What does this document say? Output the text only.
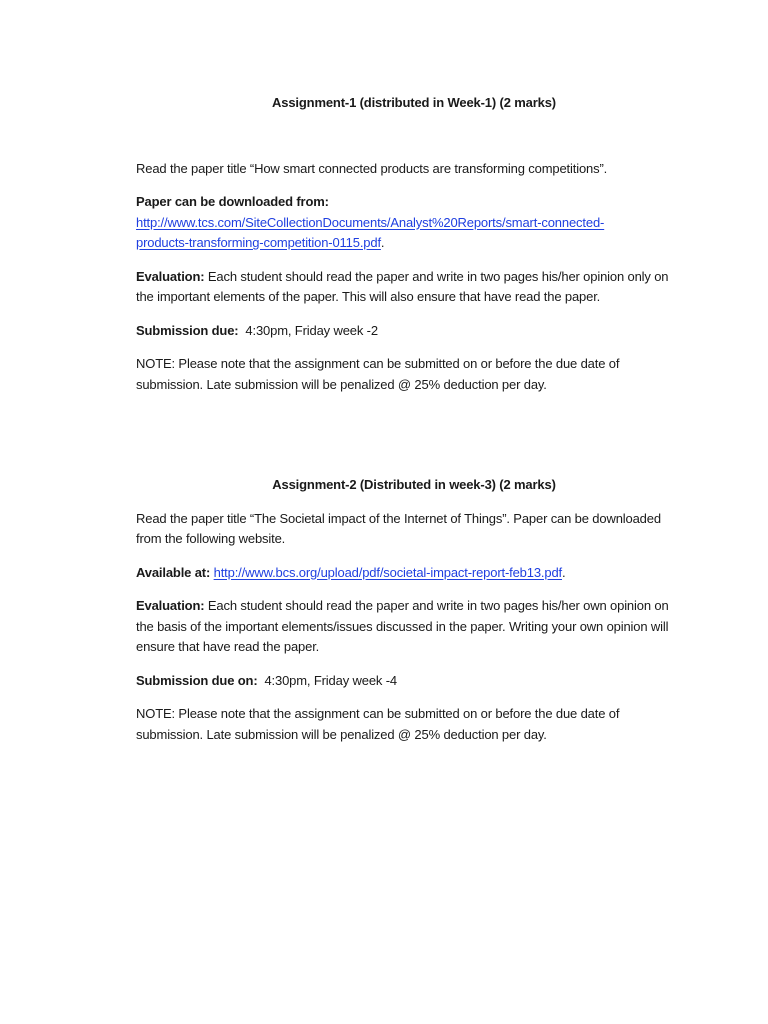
Assignment-1 (distributed in Week-1) (2 marks)

Read the paper title “How smart connected products are transforming competitions”.

Paper can be downloaded from:
http://www.tcs.com/SiteCollectionDocuments/Analyst%20Reports/smart-connected-
products-transforming-competition-0115.pdf.

Evaluation: Each student should read the paper and write in two pages his/her opinion only on the important elements of the paper. This will also ensure that have read the paper.

Submission due:  4:30pm, Friday week -2

NOTE: Please note that the assignment can be submitted on or before the due date of submission. Late submission will be penalized @ 25% deduction per day.

Assignment-2 (Distributed in week-3) (2 marks)

Read the paper title “The Societal impact of the Internet of Things”. Paper can be downloaded from the following website.

Available at: http://www.bcs.org/upload/pdf/societal-impact-report-feb13.pdf.

Evaluation: Each student should read the paper and write in two pages his/her own opinion on the basis of the important elements/issues discussed in the paper. Writing your own opinion will ensure that have read the paper.

Submission due on:  4:30pm, Friday week -4

NOTE: Please note that the assignment can be submitted on or before the due date of submission. Late submission will be penalized @ 25% deduction per day.
